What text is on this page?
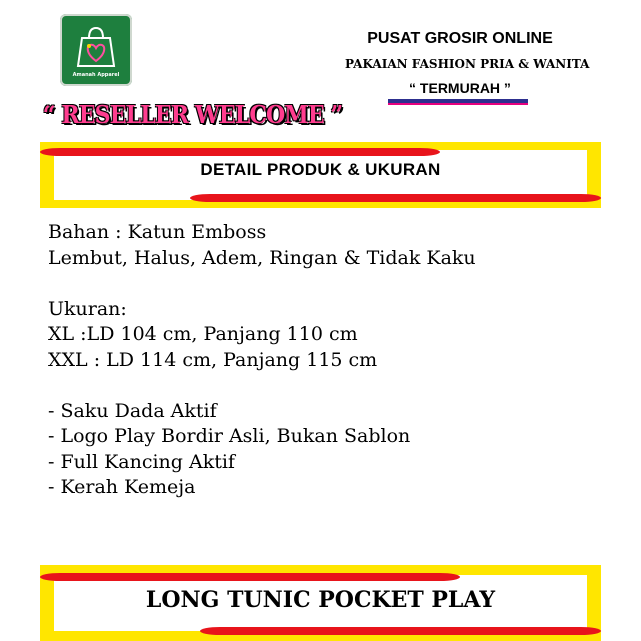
Amanah Apparel
“ RESELLER WELCOME ”
PUSAT GROSIR ONLINE
PAKAIAN FASHION PRIA & WANITA
“ TERMURAH ”
DETAIL PRODUK & UKURAN
Bahan : Katun Emboss
Lembut, Halus, Adem, Ringan & Tidak Kaku
Ukuran:
XL :LD 104 cm, Panjang 110 cm
XXL : LD 114 cm, Panjang 115 cm
- Saku Dada Aktif
- Logo Play Bordir Asli, Bukan Sablon
- Full Kancing Aktif
- Kerah Kemeja
LONG TUNIC POCKET PLAY
